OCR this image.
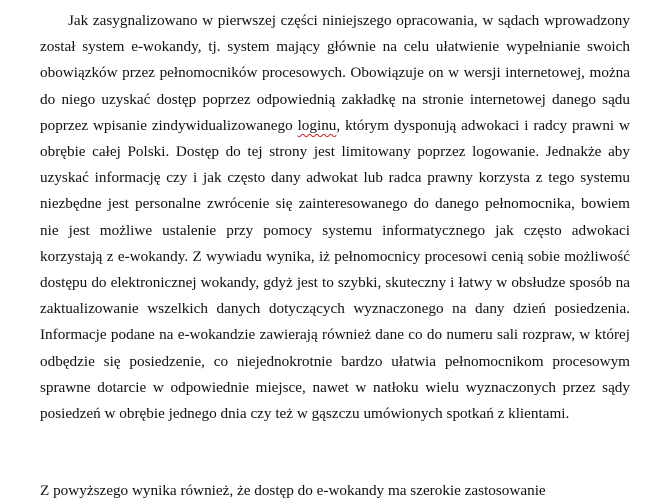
Jak zasygnalizowano w pierwszej części niniejszego opracowania, w sądach wprowadzony został system e-wokandy, tj. system mający głównie na celu ułatwienie wypełnianie swoich obowiązków przez pełnomocników procesowych. Obowiązuje on w wersji internetowej, można do niego uzyskać dostęp poprzez odpowiednią zakładkę na stronie internetowej danego sądu poprzez wpisanie zindywidualizowanego loginu, którym dysponują adwokaci i radcy prawni w obrębie całej Polski. Dostęp do tej strony jest limitowany poprzez logowanie. Jednakże aby uzyskać informację czy i jak często dany adwokat lub radca prawny korzysta z tego systemu niezbędne jest personalne zwrócenie się zainteresowanego do danego pełnomocnika, bowiem nie jest możliwe ustalenie przy pomocy systemu informatycznego jak często adwokaci korzystają z e-wokandy. Z wywiadu wynika, iż pełnomocnicy procesowi cenią sobie możliwość dostępu do elektronicznej wokandy, gdyż jest to szybki, skuteczny i łatwy w obsłudze sposób na zaktualizowanie wszelkich danych dotyczących wyznaczonego na dany dzień posiedzenia. Informacje podane na e-wokandzie zawierają również dane co do numeru sali rozpraw, w której odbędzie się posiedzenie, co niejednokrotnie bardzo ułatwia pełnomocnikom procesowym sprawne dotarcie w odpowiednie miejsce, nawet w natłoku wielu wyznaczonych przez sądy posiedzeń w obrębie jednego dnia czy też w gąszczu umówionych spotkań z klientami.

Z powyższego wynika również, że dostęp do e-wokandy ma szerokie zastosowanie
